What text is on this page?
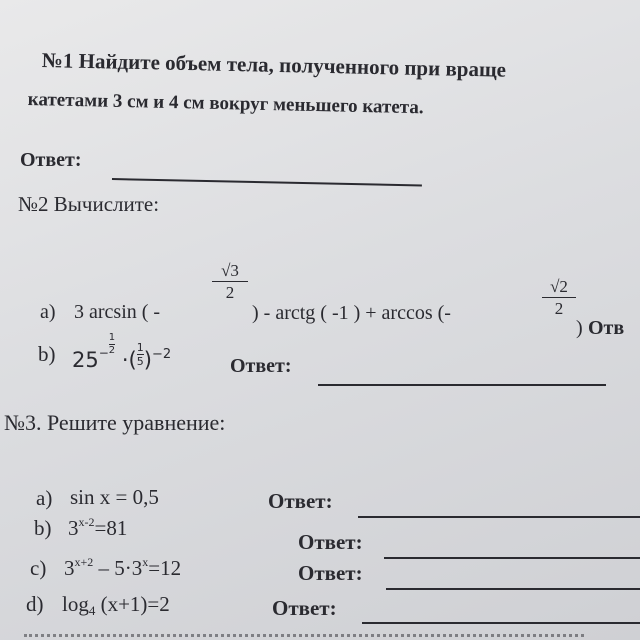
№1 Найдите объем тела, полученного при враще
катетами 3 см и 4 см вокруг меньшего катета.
Ответ:
№2 Вычислите:
a) 3 arcsin ( -
√3
2
) - arctg ( -1 ) + arccos (-
√2
2
) Отв
b) $25^{- \frac{1}{2}}$
·( $\frac{1}{5} )^{-2}$
Ответ:
№3. Решите уравнение:
a) sin x = 0,5	Ответ:
b) $3^{x-2}=81$
Ответ:
c) $3^{x+2} - 5\cdot 3^x=12$	Ответ:
d) $\log_4 (x+1)=2$	Ответ:
